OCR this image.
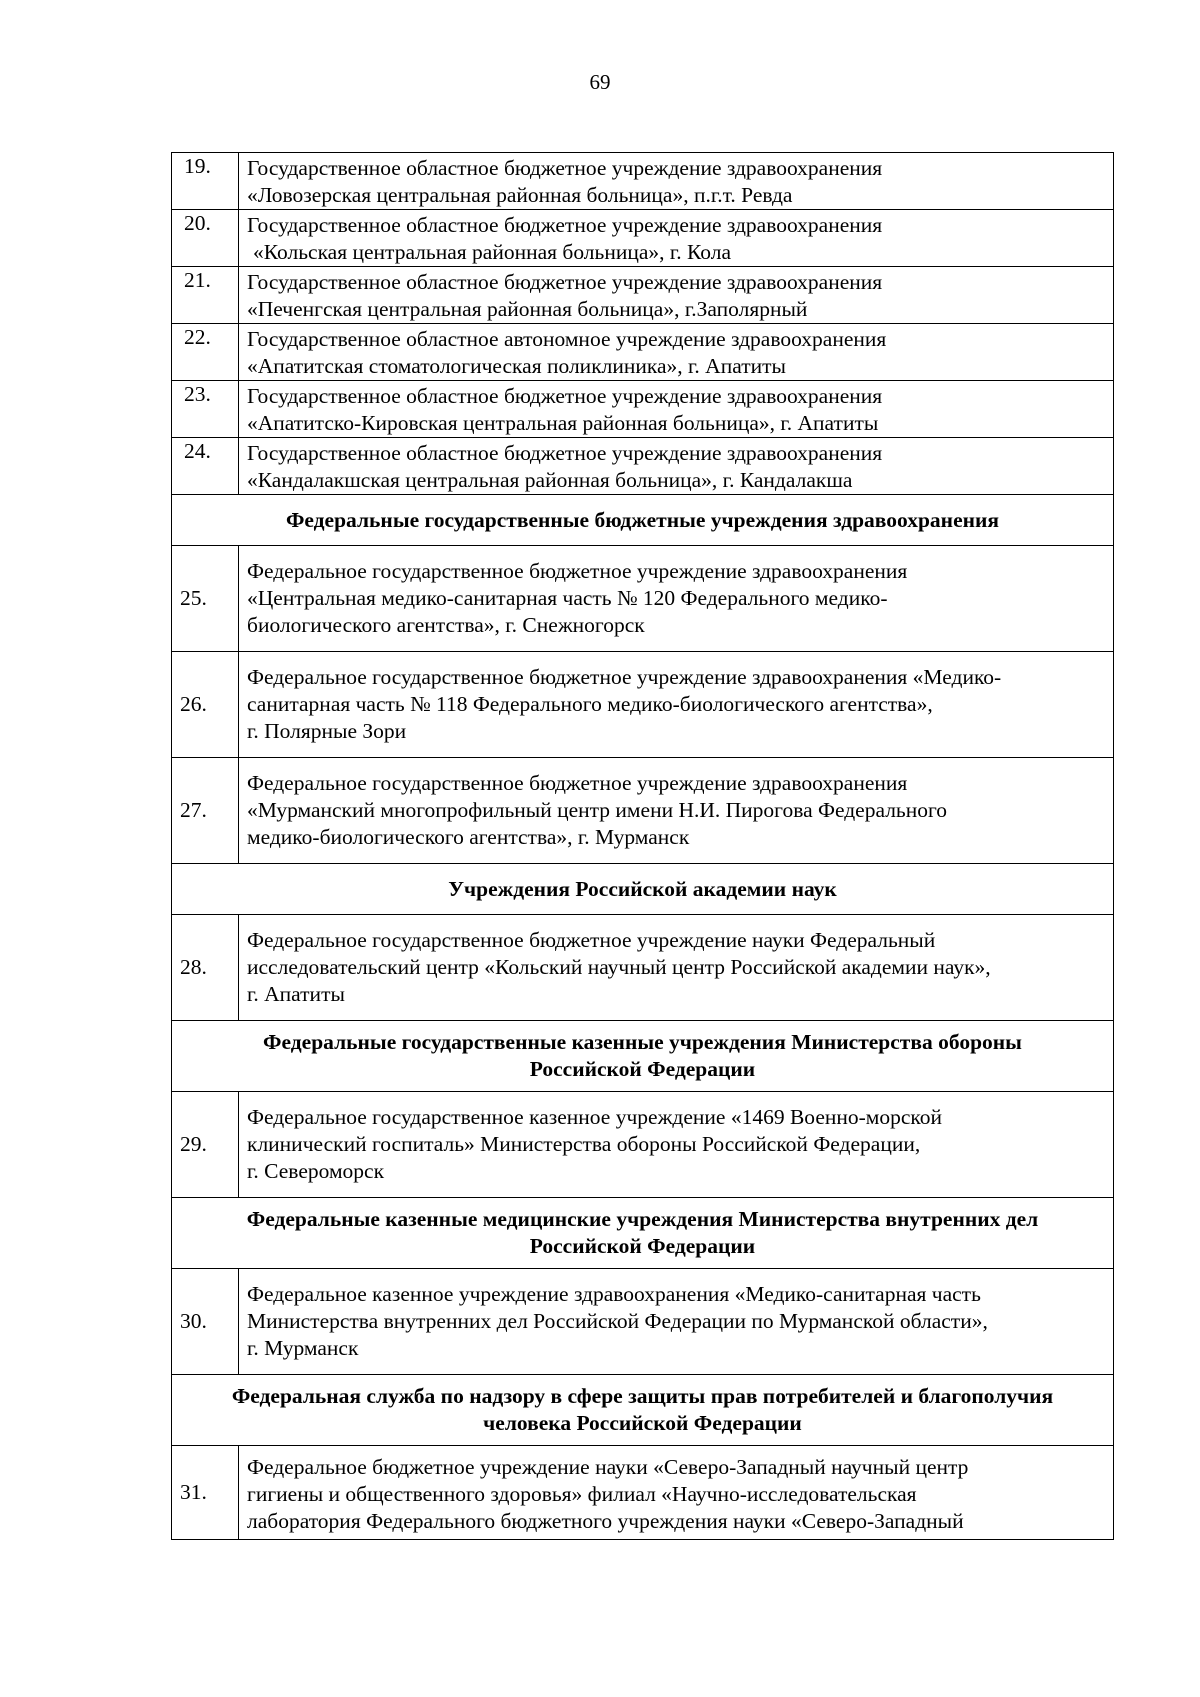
69
19.	Государственное областное бюджетное учреждение здравоохранения
«Ловозерская центральная районная больница», п.г.т. Ревда

20.	Государственное областное бюджетное учреждение здравоохранения
«Кольская центральная районная больница», г. Кола

21.	Государственное областное бюджетное учреждение здравоохранения
«Печенгская центральная районная больница», г.Заполярный

22.	Государственное областное автономное учреждение здравоохранения
«Апатитская стоматологическая поликлиника», г. Апатиты

23.	Государственное областное бюджетное учреждение здравоохранения
«Апатитско-Кировская центральная районная больница», г. Апатиты

24.	Государственное областное бюджетное учреждение здравоохранения
«Кандалакшская центральная районная больница», г. Кандалакша

Федеральные государственные бюджетные учреждения здравоохранения	

25.	Федеральное государственное бюджетное учреждение здравоохранения
«Центральная медико-санитарная часть № 120 Федерального медико-
биологического агентства», г. Снежногорск

26.	Федеральное государственное бюджетное учреждение здравоохранения «Медико-
санитарная часть № 118 Федерального медико-биологического агентства»,
г. Полярные Зори

27.	Федеральное государственное бюджетное учреждение здравоохранения
«Мурманский многопрофильный центр имени Н.И. Пирогова Федерального
медико-биологического агентства», г. Мурманск

Учреждения Российской академии наук	

28.	Федеральное государственное бюджетное учреждение науки Федеральный
исследовательский центр «Кольский научный центр Российской академии наук»,
г. Апатиты

Федеральные государственные казенные учреждения Министерства обороны
Российской Федерации	

29.	Федеральное государственное казенное учреждение «1469 Военно-морской
клинический госпиталь» Министерства обороны Российской Федерации,
г. Североморск

Федеральные казенные медицинские учреждения Министерства внутренних дел
Российской Федерации	

30.	Федеральное казенное учреждение здравоохранения «Медико-санитарная часть
Министерства внутренних дел Российской Федерации по Мурманской области»,
г. Мурманск

Федеральная служба по надзору в сфере защиты прав потребителей и благополучия
человека Российской Федерации	

31.	Федеральное бюджетное учреждение науки «Северо-Западный научный центр
гигиены и общественного здоровья» филиал «Научно-исследовательская
лаборатория Федерального бюджетного учреждения науки «Северо-Западный
